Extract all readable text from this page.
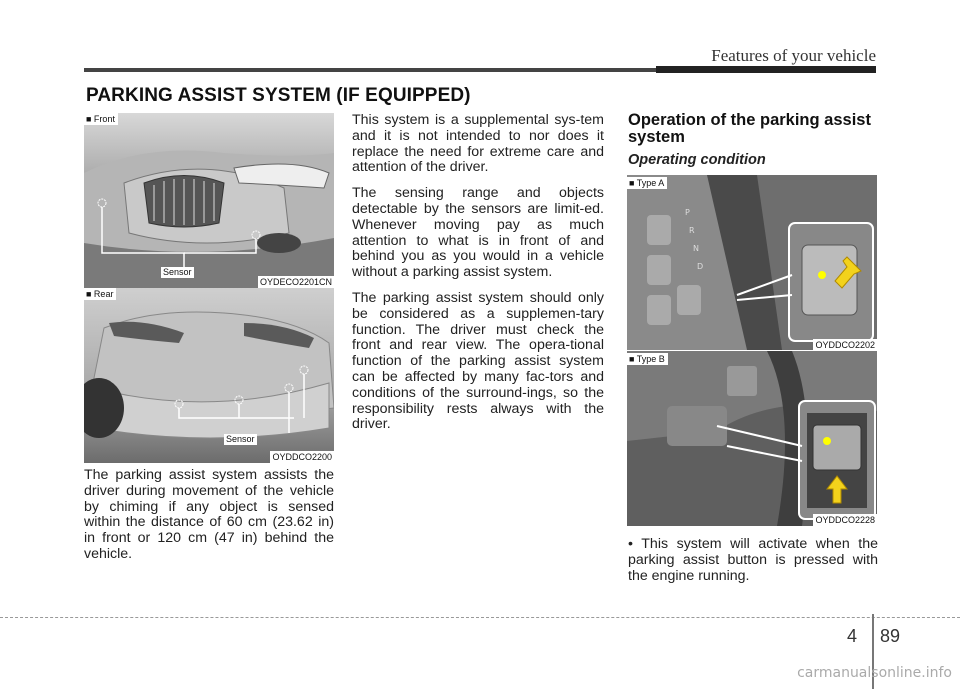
Features of your vehicle
PARKING ASSIST SYSTEM (IF EQUIPPED)
■ Front
Sensor
OYDECO2201CN
■ Rear
Sensor
OYDDCO2200

The parking assist system assists the driver during movement of the vehicle by chiming if any object is sensed within the distance of 60 cm (23.62 in) in front or 120 cm (47 in) behind the vehicle.

This system is a supplemental sys-tem and it is not intended to nor does it replace the need for extreme care and attention of the driver.

The sensing range and objects detectable by the sensors are limit-ed. Whenever moving pay as much attention to what is in front of and behind you as you would in a vehicle without a parking assist system.

The parking assist system should only be considered as a supplemen-tary function. The driver must check the front and rear view. The opera-tional function of the parking assist system can be affected by many fac-tors and conditions of the surround-ings, so the responsibility rests always with the driver.

Operation of the parking assist system
Operating condition
P
R
N
D
■ Type A
OYDDCO2202
■ Type B
OYDDCO2228
• This system will activate when the parking assist button is pressed with the engine running.
4 89
carmanualsonline.info
